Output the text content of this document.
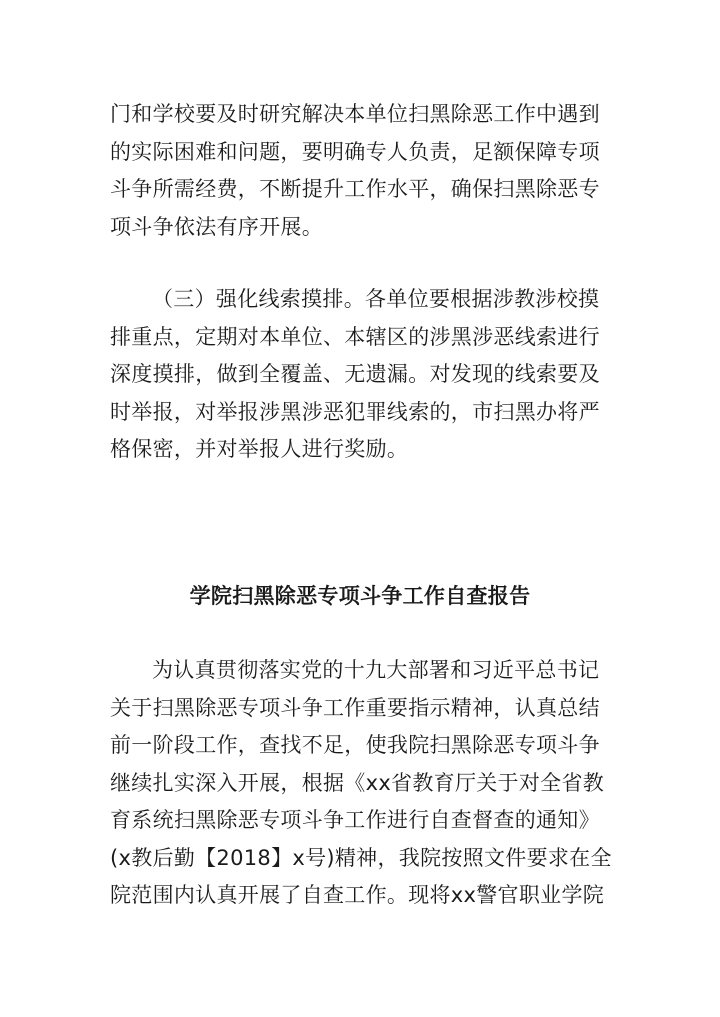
门和学校要及时研究解决本单位扫黑除恶工作中遇到
的实际困难和问题，要明确专人负责，足额保障专项
斗争所需经费，不断提升工作水平，确保扫黑除恶专
项斗争依法有序开展。
（三）强化线索摸排。各单位要根据涉教涉校摸
排重点，定期对本单位、本辖区的涉黑涉恶线索进行
深度摸排，做到全覆盖、无遗漏。对发现的线索要及
时举报，对举报涉黑涉恶犯罪线索的，市扫黑办将严
格保密，并对举报人进行奖励。
学院扫黑除恶专项斗争工作自查报告
为认真贯彻落实党的十九大部署和习近平总书记
关于扫黑除恶专项斗争工作重要指示精神，认真总结
前一阶段工作，查找不足，使我院扫黑除恶专项斗争
继续扎实深入开展，根据《xx省教育厅关于对全省教
育系统扫黑除恶专项斗争工作进行自查督查的通知》
(x教后勤【2018】x号)精神，我院按照文件要求在全
院范围内认真开展了自查工作。现将xx警官职业学院
